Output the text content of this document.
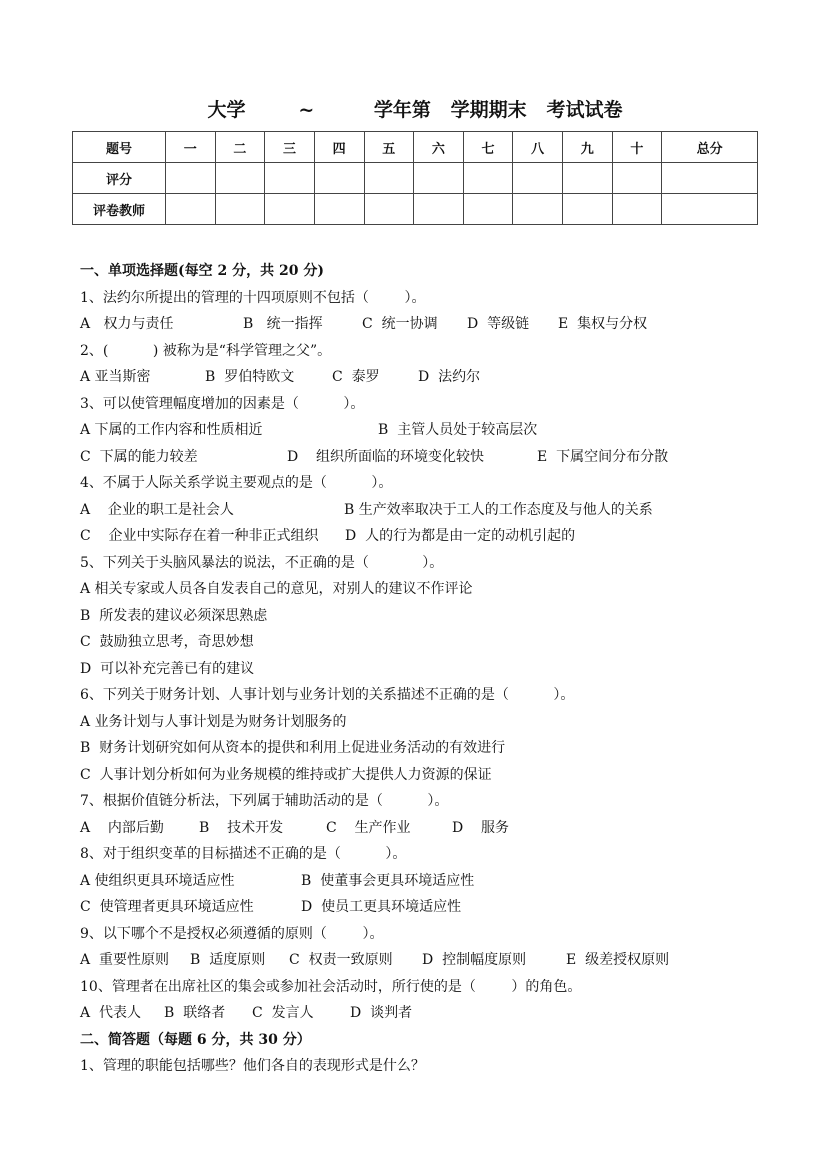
大学        ~         学年第   学期期末   考试试卷
题号	一	二	三	四	五	六	七	八	九	十	总分
评分											
评卷教师											
一、单项选择题(每空 2 分，共 20 分)
1、法约尔所提出的管理的十四项原则不包括（        ）。
A   权力与责任	B   统一指挥	C  统一协调 D  等级链 E  集权与分权
2、(          ) 被称为是“科学管理之父”。
A 亚当斯密	B  罗伯特欧文	C  泰罗	D  法约尔
3、可以使管理幅度增加的因素是（          ）。
A 下属的工作内容和性质相近	B  主管人员处于较高层次
C  下属的能力较差	D    组织所面临的环境变化较快	E  下属空间分布分散
4、不属于人际关系学说主要观点的是（          ）。
A    企业的职工是社会人	B 生产效率取决于工人的工作态度及与他人的关系
C    企业中实际存在着一种非正式组织 D  人的行为都是由一定的动机引起的
5、下列关于头脑风暴法的说法，不正确的是（            ）。
A 相关专家或人员各自发表自己的意见，对别人的建议不作评论
B  所发表的建议必须深思熟虑
C  鼓励独立思考，奇思妙想
D  可以补充完善已有的建议
6、下列关于财务计划、人事计划与业务计划的关系描述不正确的是（          ）。
A 业务计划与人事计划是为财务计划服务的
B  财务计划研究如何从资本的提供和利用上促进业务活动的有效进行
C  人事计划分析如何为业务规模的维持或扩大提供人力资源的保证
7、根据价值链分析法，下列属于辅助活动的是（          ）。
A    内部后勤	B    技术开发	C    生产作业	D    服务
8、对于组织变革的目标描述不正确的是（          ）。
A 使组织更具环境适应性	B  使董事会更具环境适应性
C  使管理者更具环境适应性	D  使员工更具环境适应性
9、以下哪个不是授权必须遵循的原则（        ）。
A  重要性原则 B  适度原则 C  权责一致原则 D  控制幅度原则	E  级差授权原则
10、管理者在出席社区的集会或参加社会活动时，所行使的是（        ）的角色。
A  代表人 B  联络者 C  发言人	D  谈判者
二、简答题（每题 6 分，共 30 分）
1、管理的职能包括哪些？他们各自的表现形式是什么？
